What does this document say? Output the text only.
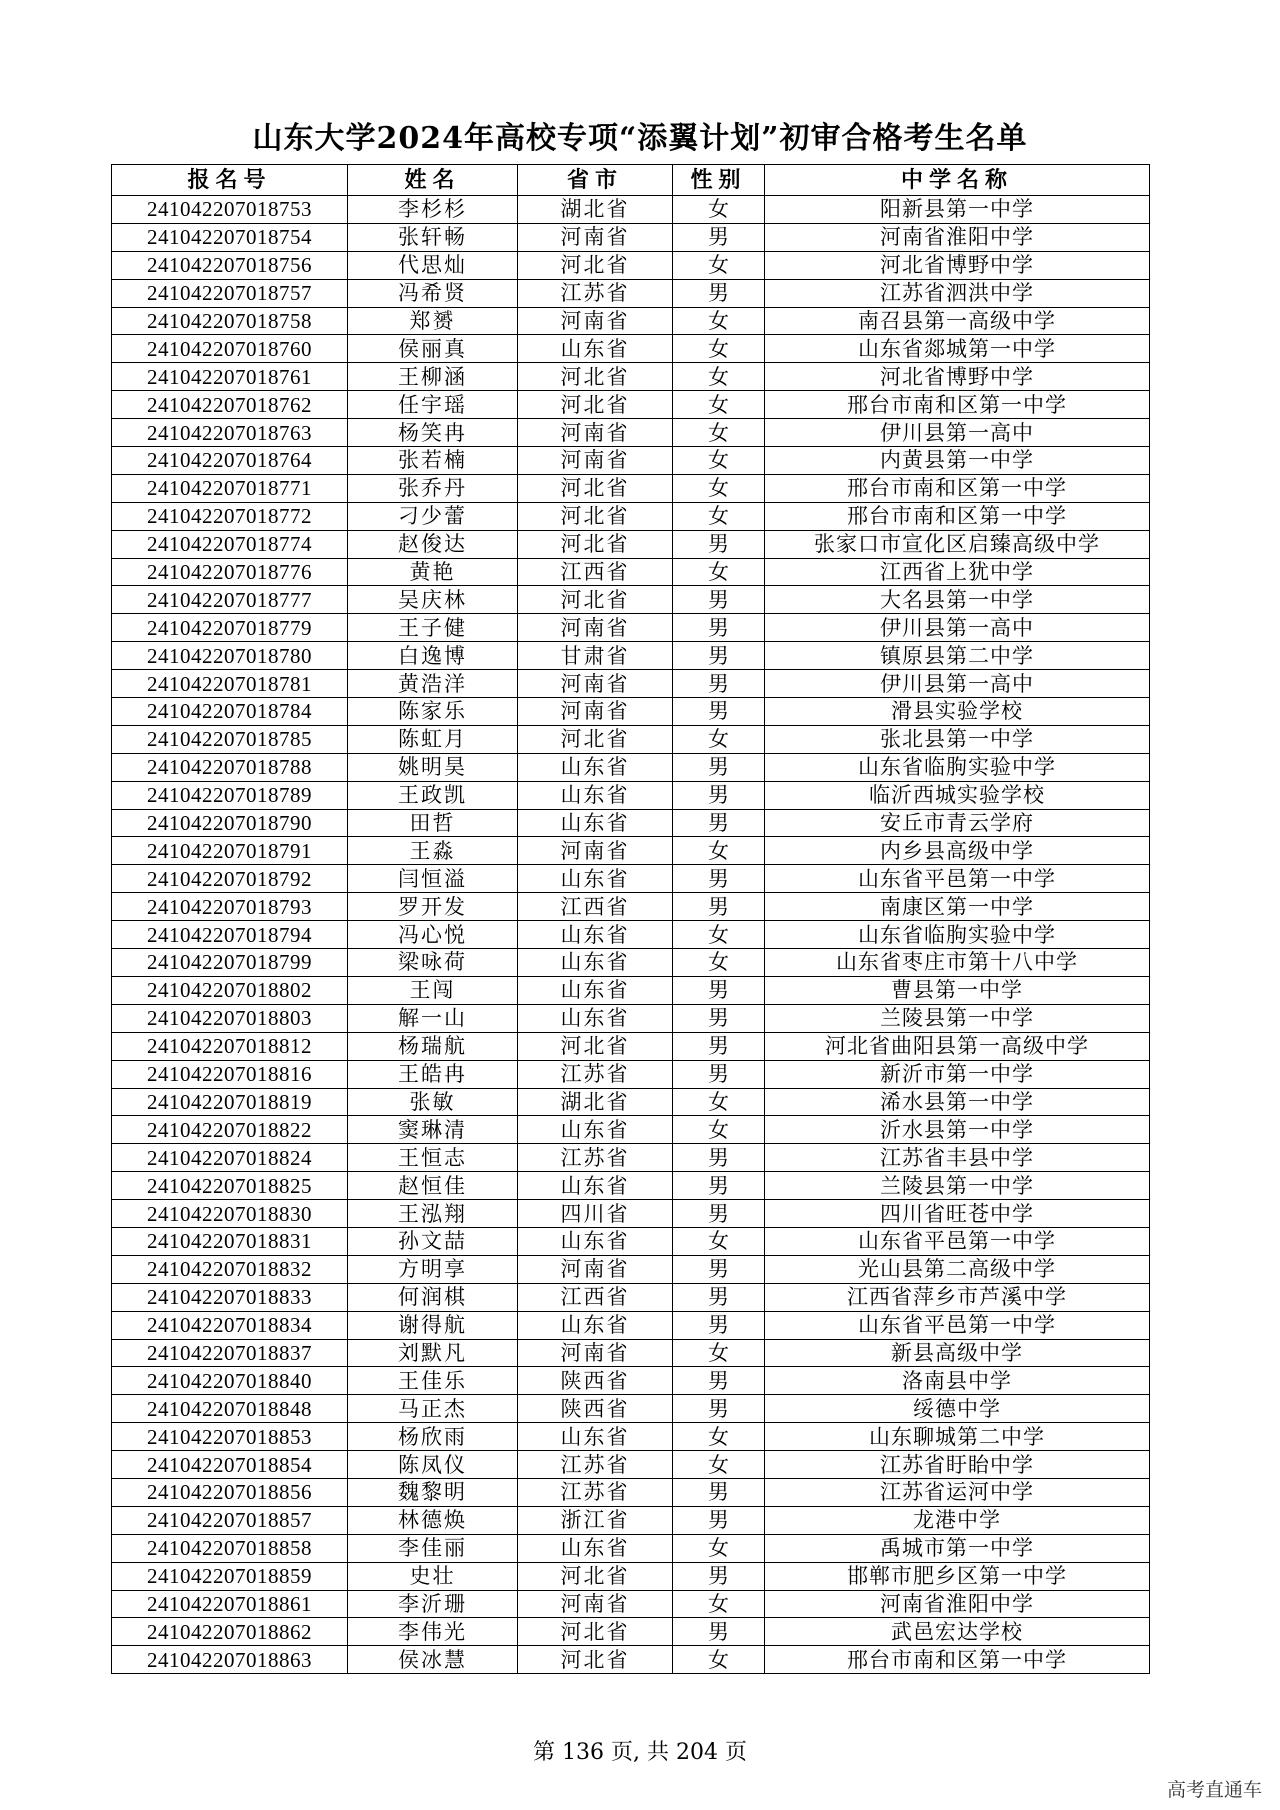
山东大学2024年高校专项“添翼计划”初审合格考生名单
报名号	姓名	省市	性别	中学名称
241042207018753	李杉杉	湖北省	女	阳新县第一中学
241042207018754	张轩畅	河南省	男	河南省淮阳中学
241042207018756	代思灿	河北省	女	河北省博野中学
241042207018757	冯希贤	江苏省	男	江苏省泗洪中学
241042207018758	郑赟	河南省	女	南召县第一高级中学
241042207018760	侯丽真	山东省	女	山东省郯城第一中学
241042207018761	王柳涵	河北省	女	河北省博野中学
241042207018762	任宇瑶	河北省	女	邢台市南和区第一中学
241042207018763	杨笑冉	河南省	女	伊川县第一高中
241042207018764	张若楠	河南省	女	内黄县第一中学
241042207018771	张乔丹	河北省	女	邢台市南和区第一中学
241042207018772	刁少蕾	河北省	女	邢台市南和区第一中学
241042207018774	赵俊达	河北省	男	张家口市宣化区启臻高级中学
241042207018776	黄艳	江西省	女	江西省上犹中学
241042207018777	吴庆林	河北省	男	大名县第一中学
241042207018779	王子健	河南省	男	伊川县第一高中
241042207018780	白逸博	甘肃省	男	镇原县第二中学
241042207018781	黄浩洋	河南省	男	伊川县第一高中
241042207018784	陈家乐	河南省	男	滑县实验学校
241042207018785	陈虹月	河北省	女	张北县第一中学
241042207018788	姚明昊	山东省	男	山东省临朐实验中学
241042207018789	王政凯	山东省	男	临沂西城实验学校
241042207018790	田哲	山东省	男	安丘市青云学府
241042207018791	王淼	河南省	女	内乡县高级中学
241042207018792	闫恒溢	山东省	男	山东省平邑第一中学
241042207018793	罗开发	江西省	男	南康区第一中学
241042207018794	冯心悦	山东省	女	山东省临朐实验中学
241042207018799	梁咏荷	山东省	女	山东省枣庄市第十八中学
241042207018802	王闯	山东省	男	曹县第一中学
241042207018803	解一山	山东省	男	兰陵县第一中学
241042207018812	杨瑞航	河北省	男	河北省曲阳县第一高级中学
241042207018816	王皓冉	江苏省	男	新沂市第一中学
241042207018819	张敏	湖北省	女	浠水县第一中学
241042207018822	窦琳清	山东省	女	沂水县第一中学
241042207018824	王恒志	江苏省	男	江苏省丰县中学
241042207018825	赵恒佳	山东省	男	兰陵县第一中学
241042207018830	王泓翔	四川省	男	四川省旺苍中学
241042207018831	孙文喆	山东省	女	山东省平邑第一中学
241042207018832	方明享	河南省	男	光山县第二高级中学
241042207018833	何润棋	江西省	男	江西省萍乡市芦溪中学
241042207018834	谢得航	山东省	男	山东省平邑第一中学
241042207018837	刘默凡	河南省	女	新县高级中学
241042207018840	王佳乐	陕西省	男	洛南县中学
241042207018848	马正杰	陕西省	男	绥德中学
241042207018853	杨欣雨	山东省	女	山东聊城第二中学
241042207018854	陈凤仪	江苏省	女	江苏省盱眙中学
241042207018856	魏黎明	江苏省	男	江苏省运河中学
241042207018857	林德焕	浙江省	男	龙港中学
241042207018858	李佳丽	山东省	女	禹城市第一中学
241042207018859	史壮	河北省	男	邯郸市肥乡区第一中学
241042207018861	李沂珊	河南省	女	河南省淮阳中学
241042207018862	李伟光	河北省	男	武邑宏达学校
241042207018863	侯冰慧	河北省	女	邢台市南和区第一中学
第 136 页, 共 204 页
高考直通车
